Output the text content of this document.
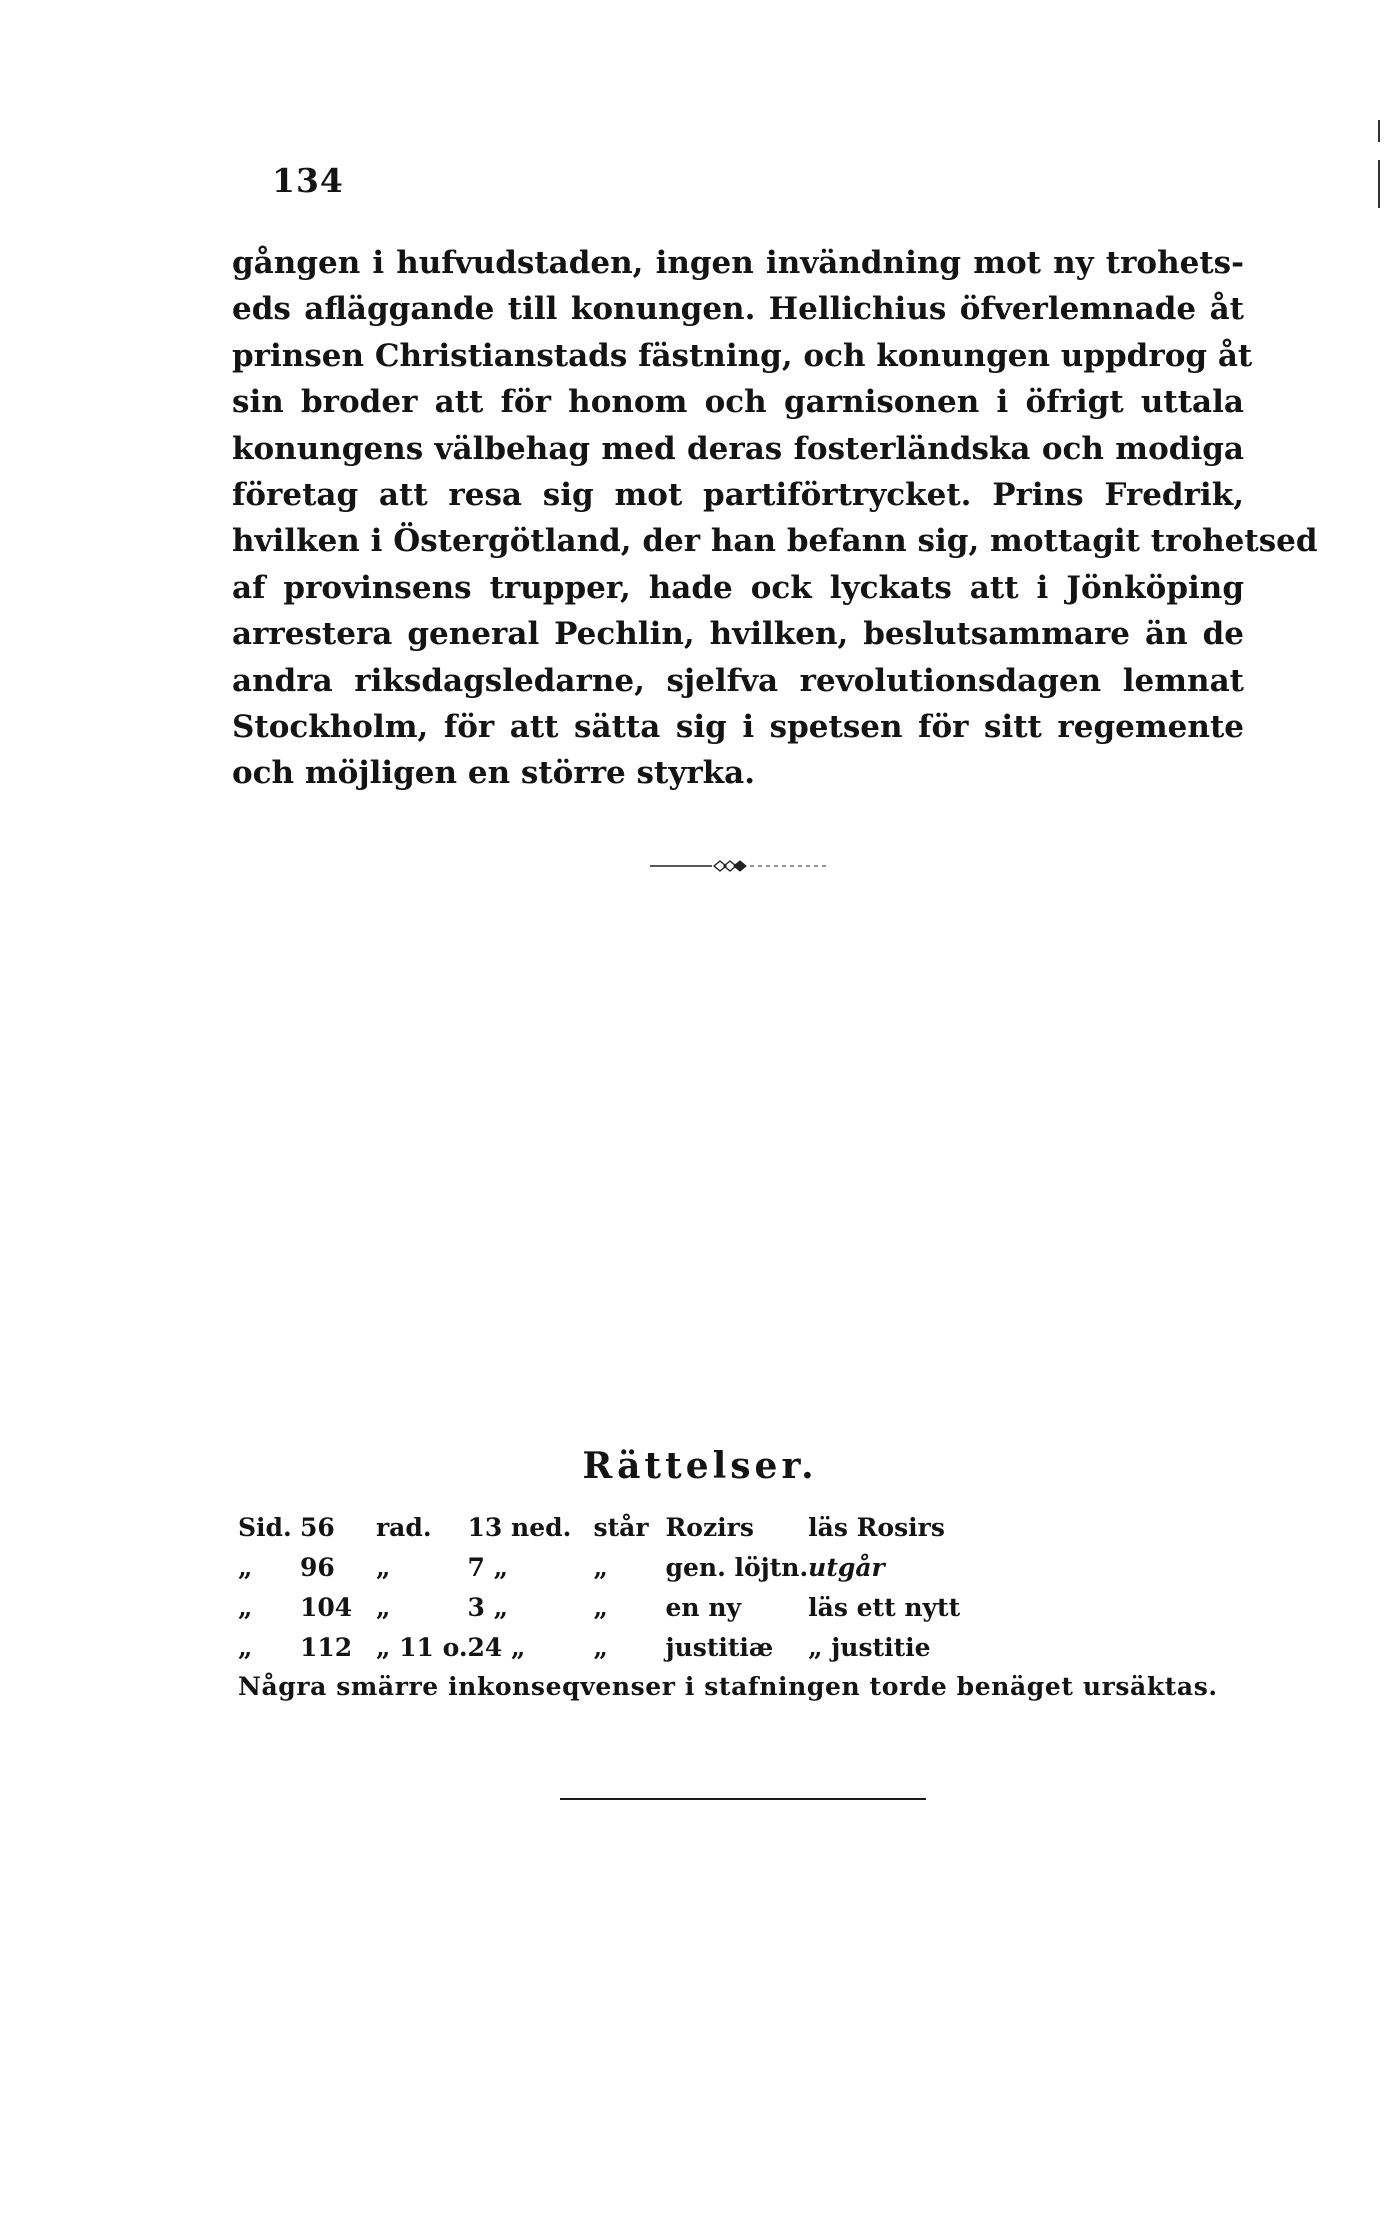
134
gången i hufvudstaden, ingen invändning mot ny trohets-
eds afläggande till konungen. Hellichius öfverlemnade åt
prinsen Christianstads fästning, och konungen uppdrog åt
sin broder att för honom och garnisonen i öfrigt uttala
konungens välbehag med deras fosterländska och modiga
företag att resa sig mot partiförtrycket. Prins Fredrik,
hvilken i Östergötland, der han befann sig, mottagit trohetsed
af provinsens trupper, hade ock lyckats att i Jönköping
arrestera general Pechlin, hvilken, beslutsammare än de
andra riksdagsledarne, sjelfva revolutionsdagen lemnat
Stockholm, för att sätta sig i spetsen för sitt regemente
och möjligen en större styrka.
Rättelser.
Sid.	56	rad.	13 ned.	står	Rozirs	läs Rosirs
„	96	„	7 „	„	gen. löjtn.	utgår
„	104	„	3 „	„	en ny	läs ett nytt
„	112	„ 11 o.	24 „	„	justitiæ	„ justitie

Några smärre inkonseqvenser i stafningen torde benäget ursäktas.
